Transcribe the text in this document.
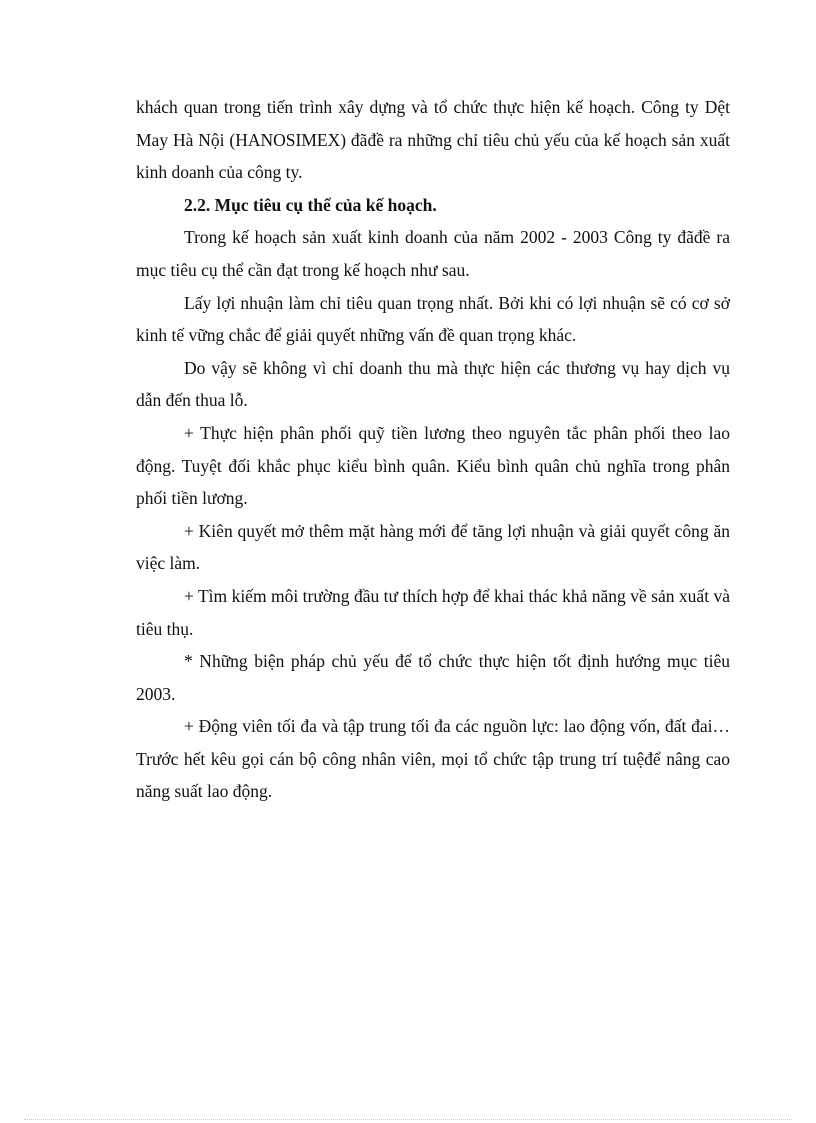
khách quan trong tiến trình xây dựng và tổ chức thực hiện kế hoạch. Công ty Dệt May Hà Nội (HANOSIMEX) đãđề ra những chỉ tiêu chủ yếu của kế hoạch sản xuất kinh doanh của công ty.

2.2. Mục tiêu cụ thể của kế hoạch.

Trong kế hoạch sản xuất kinh doanh của năm 2002 - 2003 Công ty đãđề ra mục tiêu cụ thể cần đạt trong kế hoạch như sau.

Lấy lợi nhuận làm chỉ tiêu quan trọng nhất. Bởi khi có lợi nhuận sẽ có cơ sở kinh tế vững chắc để giải quyết những vấn đề quan trọng khác.

Do vậy sẽ không vì chỉ doanh thu mà thực hiện các thương vụ hay dịch vụ dẫn đến thua lỗ.

+ Thực hiện phân phối quỹ tiền lương theo nguyên tắc phân phối theo lao động. Tuyệt đối khắc phục kiểu bình quân. Kiểu bình quân chủ nghĩa trong phân phối tiền lương.

+ Kiên quyết mở thêm mặt hàng mới để tăng lợi nhuận và giải quyết công ăn việc làm.

+ Tìm kiếm môi trường đầu tư thích hợp để khai thác khả năng về sản xuất và tiêu thụ.

* Những biện pháp chủ yếu để tổ chức thực hiện tốt định hướng mục tiêu 2003.

+ Động viên tối đa và tập trung tối đa các nguồn lực: lao động vốn, đất đai… Trước hết kêu gọi cán bộ công nhân viên, mọi tổ chức tập trung trí tuệđể nâng cao năng suất lao động.
